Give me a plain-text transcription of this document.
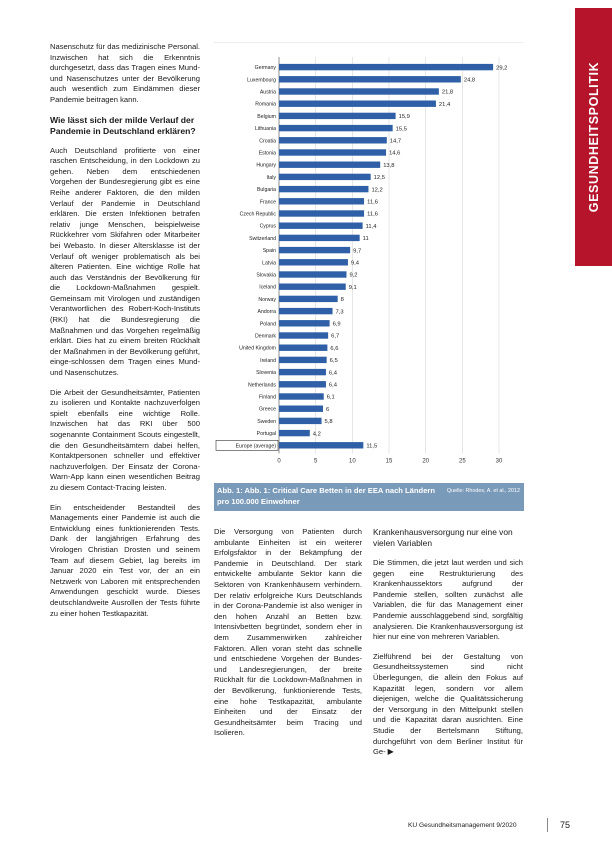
GESUNDHEITSPOLITIK

Nasenschutz für das medizinische Personal. Inzwischen hat sich die Erkenntnis durchgesetzt, dass das Tragen eines Mund- und Nasenschutzes unter der Bevölkerung auch wesentlich zum Eindämmen dieser Pandemie beitragen kann.

Wie lässt sich der milde Verlauf der Pandemie in Deutschland erklären?

Auch Deutschland profitierte von einer raschen Entscheidung, in den Lockdown zu gehen. Neben dem entschiedenen Vorgehen der Bundesregierung gibt es eine Reihe anderer Faktoren, die den milden Verlauf der Pandemie in Deutschland erklären. Die ersten Infektionen betrafen relativ junge Menschen, beispielweise Rückkehrer vom Skifahren oder Mitarbeiter bei Webasto. In dieser Altersklasse ist der Verlauf oft weniger problematisch als bei älteren Patienten. Eine wichtige Rolle hat auch das Verständnis der Bevölkerung für die Lockdown-Maßnahmen gespielt. Gemeinsam mit Virologen und zuständigen Verantwortlichen des Robert-Koch-Instituts (RKI) hat die Bundesregierung die Maßnahmen und das Vorgehen regelmäßig erklärt. Dies hat zu einem breiten Rückhalt der Maßnahmen in der Bevölkerung geführt, einge-schlossen dem Tragen eines Mund- und Nasenschutzes.

Die Arbeit der Gesundheitsämter, Patienten zu isolieren und Kontakte nachzuverfolgen spielt ebenfalls eine wichtige Rolle. Inzwischen hat das RKI über 500 sogenannte Containment Scouts eingestellt, die den Gesundheitsämtern dabei helfen, Kontaktpersonen schneller und effektiver nachzuverfolgen. Der Einsatz der Corona-Warn-App kann einen wesentlichen Beitrag zu diesem Contact-Tracing leisten.

Ein entscheidender Bestandteil des Managements einer Pandemie ist auch die Entwicklung eines funktionierenden Tests. Dank der langjährigen Erfahrung des Virologen Christian Drosten und seinem Team auf diesem Gebiet, lag bereits im Januar 2020 ein Test vor, der an ein Netzwerk von Laboren mit entsprechenden Anwendungen geschickt wurde. Dieses deutschlandweite Ausrollen der Tests führte zu einer hohen Testkapazität.

0	5	10	15	20	25	30
Germany	29,2
Luxembourg	24,8
Austria	21,8
Romania	21,4
Belgium	15,9
Lithuania	15,5
Croatia	14,7
Estonia	14,6
Hungary	13,8
Italy	12,5
Bulgaria	12,2
France	11,6
Czech Republic	11,6
Cyprus	11,4
Switzerland	11
Spain	9,7
Latvia	9,4
Slovakia	9,2
Iceland	9,1
Norway	8
Andorra	7,3
Poland	6,9
Denmark	6,7
United Kingdom	6,6
Ireland	6,5
Slovenia	6,4
Netherlands	6,4
Finland	6,1
Greece	6
Sweden	5,8
Portugal	4,2
Europe (average)	11,5
Abb. 1: Abb. 1: Critical Care Betten in der EEA nach Ländern pro 100.000 Einwohner
Quelle: Rhodes, A. et al., 2012

Die Versorgung von Patienten durch ambulante Einheiten ist ein weiterer Erfolgsfaktor in der Bekämpfung der Pandemie in Deutschland. Der stark entwickelte ambulante Sektor kann die Sektoren von Krankenhäusern verhindern. Der relativ erfolgreiche Kurs Deutschlands in der Corona-Pandemie ist also weniger in den hohen Anzahl an Betten bzw. Intensivbetten begründet, sondern eher in dem Zusammenwirken zahlreicher Faktoren. Allen voran steht das schnelle und entschiedene Vorgehen der Bundes- und Landesregierungen, der breite Rückhalt für die Lockdown-Maßnahmen in der Bevölkerung, funktionierende Tests, eine hohe Testkapazität, ambulante Einheiten und der Einsatz der Gesundheitsämter beim Tracing und Isolieren.

Krankenhausversorgung nur eine von vielen Variablen

Die Stimmen, die jetzt laut werden und sich gegen eine Restrukturierung des Krankenhaussektors aufgrund der Pandemie stellen, sollten zunächst alle Variablen, die für das Management einer Pandemie ausschlaggebend sind, sorgfältig analysieren. Die Krankenhausversorgung ist hier nur eine von mehreren Variablen.

Zielführend bei der Gestaltung von Gesundheitssystemen sind nicht Überlegungen, die allein den Fokus auf Kapazität legen, sondern vor allem diejenigen, welche die Qualitätssicherung der Versorgung in den Mittelpunkt stellen und die Kapazität daran ausrichten. Eine Studie der Bertelsmann Stiftung, durchgeführt von dem Berliner Institut für Ge- ▶

KU Gesundheitsmanagement 9/2020	75
